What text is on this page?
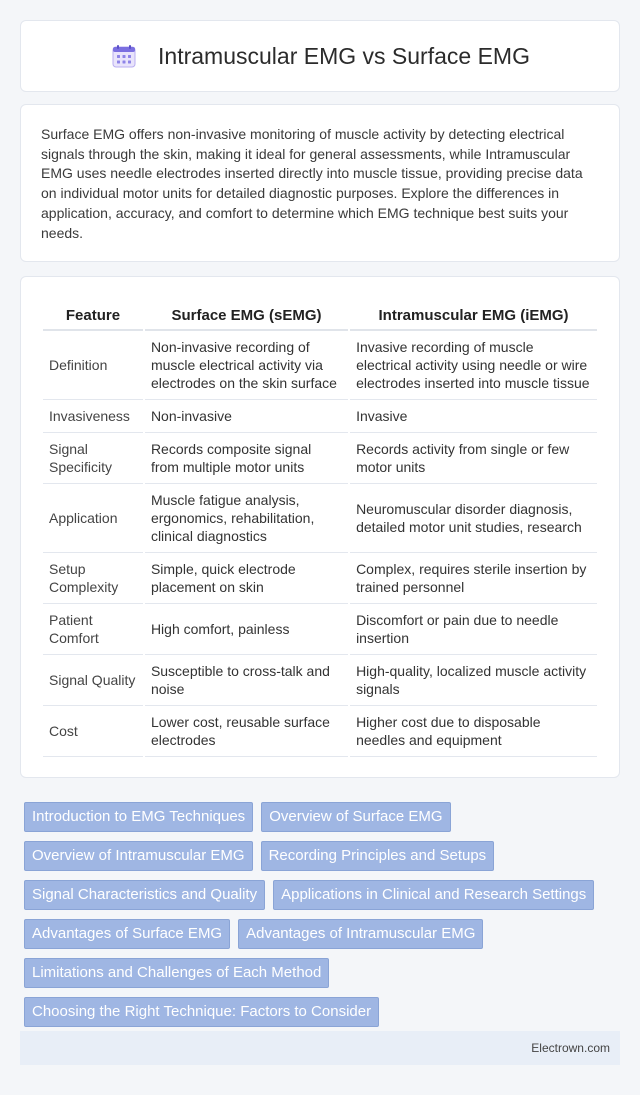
Intramuscular EMG vs Surface EMG

Surface EMG offers non-invasive monitoring of muscle activity by detecting electrical signals through the skin, making it ideal for general assessments, while Intramuscular EMG uses needle electrodes inserted directly into muscle tissue, providing precise data on individual motor units for detailed diagnostic purposes. Explore the differences in application, accuracy, and comfort to determine which EMG technique best suits your needs.

Feature	Surface EMG (sEMG)	Intramuscular EMG (iEMG)
Definition	Non-invasive recording of muscle electrical activity via electrodes on the skin surface	Invasive recording of muscle electrical activity using needle or wire electrodes inserted into muscle tissue
Invasiveness	Non-invasive	Invasive
Signal Specificity	Records composite signal from multiple motor units	Records activity from single or few motor units
Application	Muscle fatigue analysis, ergonomics, rehabilitation, clinical diagnostics	Neuromuscular disorder diagnosis, detailed motor unit studies, research
Setup Complexity	Simple, quick electrode placement on skin	Complex, requires sterile insertion by trained personnel
Patient Comfort	High comfort, painless	Discomfort or pain due to needle insertion
Signal Quality	Susceptible to cross-talk and noise	High-quality, localized muscle activity signals
Cost	Lower cost, reusable surface electrodes	Higher cost due to disposable needles and equipment
Introduction to EMG Techniques	Overview of Surface EMG
Overview of Intramuscular EMG	Recording Principles and Setups
Signal Characteristics and Quality	Applications in Clinical and Research Settings
Advantages of Surface EMG	Advantages of Intramuscular EMG
Limitations and Challenges of Each Method
Choosing the Right Technique: Factors to Consider
Electrown.com
